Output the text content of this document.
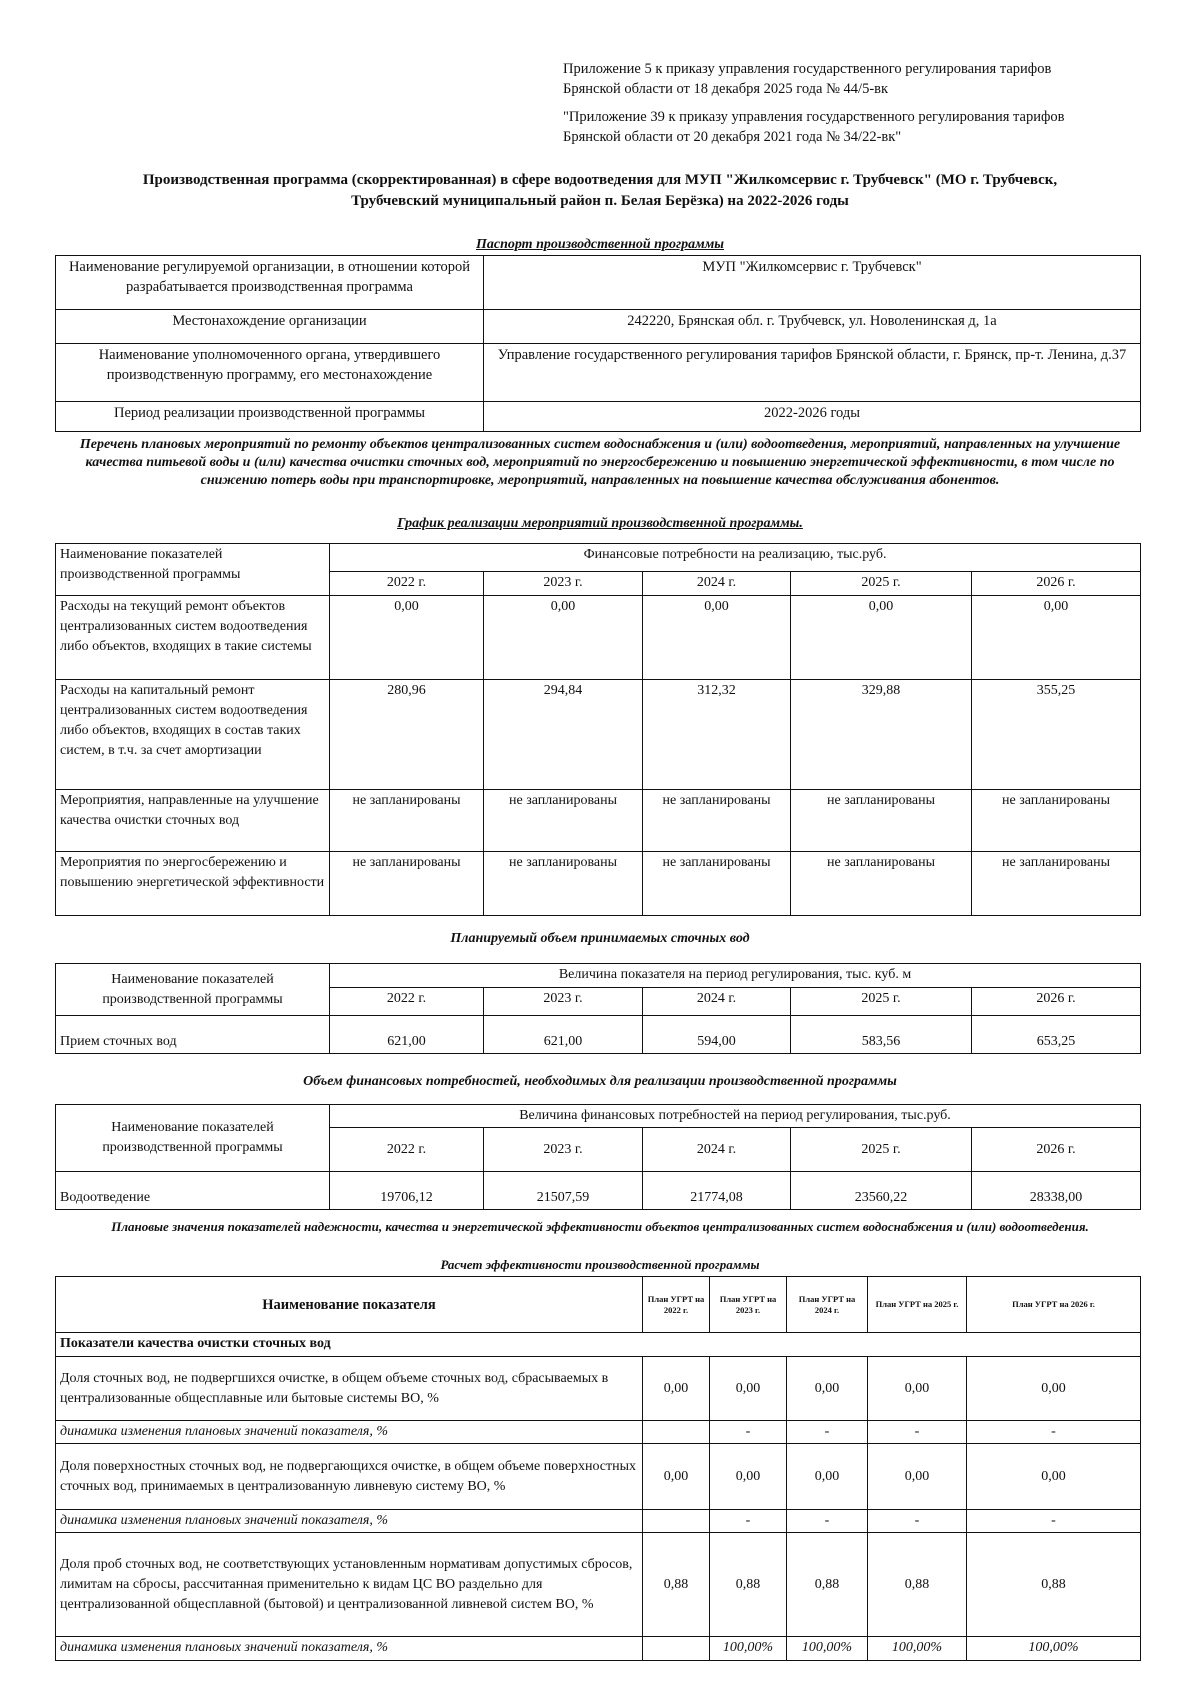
Приложение 5 к приказу управления государственного регулирования тарифов
Брянской области от 18 декабря 2025 года № 44/5-вк
"Приложение 39 к приказу управления государственного регулирования тарифов
Брянской области от 20 декабря 2021 года № 34/22-вк"
Производственная программа (скорректированная) в сфере водоотведения для МУП "Жилкомсервис г. Трубчевск" (МО г. Трубчевск,
Трубчевский муниципальный район п. Белая Берёзка) на 2022-2026 годы
Паспорт производственной программы
Наименование регулируемой организации, в отношении которой разрабатывается производственная программа	МУП "Жилкомсервис г. Трубчевск"
Местонахождение организации	242220, Брянская обл. г. Трубчевск, ул. Новоленинская д, 1а
Наименование уполномоченного органа, утвердившего производственную программу, его местонахождение	Управление государственного регулирования тарифов Брянской области, г. Брянск, пр-т. Ленина, д.37
Период реализации производственной программы	2022-2026 годы
Перечень плановых мероприятий по ремонту объектов централизованных систем водоснабжения и (или) водоотведения, мероприятий, направленных на улучшение качества питьевой воды и (или) качества очистки сточных вод, мероприятий по энергосбережению и повышению энергетической эффективности, в том числе по снижению потерь воды при транспортировке, мероприятий, направленных на повышение качества обслуживания абонентов.
График реализации мероприятий производственной программы.
Наименование показателей производственной программы	Финансовые потребности на реализацию, тыс.руб.				
	2022 г.	2023 г.	2024 г.	2025 г.	2026 г.
Расходы на текущий ремонт объектов централизованных систем водоотведения либо объектов, входящих в такие системы	0,00	0,00	0,00	0,00	0,00
Расходы на капитальный ремонт централизованных систем водоотведения либо объектов, входящих в состав таких систем, в т.ч. за счет амортизации	280,96	294,84	312,32	329,88	355,25
Мероприятия, направленные на улучшение качества очистки сточных вод	не запланированы	не запланированы	не запланированы	не запланированы	не запланированы
Мероприятия по энергосбережению и повышению энергетической эффективности	не запланированы	не запланированы	не запланированы	не запланированы	не запланированы
Планируемый объем принимаемых сточных вод
Наименование показателей производственной программы	Величина показателя на период регулирования, тыс. куб. м				
	2022 г.	2023 г.	2024 г.	2025 г.	2026 г.
Прием сточных вод	621,00	621,00	594,00	583,56	653,25
Объем финансовых потребностей, необходимых для реализации производственной программы
Наименование показателей производственной программы	Величина финансовых потребностей на период регулирования, тыс.руб.				
	2022 г.	2023 г.	2024 г.	2025 г.	2026 г.
Водоотведение	19706,12	21507,59	21774,08	23560,22	28338,00
Плановые значения показателей надежности, качества и энергетической эффективности объектов централизованных систем водоснабжения и (или) водоотведения.
Расчет эффективности производственной программы
Наименование показателя	План УГРТ на 2022 г.	План УГРТ на 2023 г.	План УГРТ на 2024 г.	План УГРТ на 2025 г.	План УГРТ на 2026 г.
Показатели качества очистки сточных вод					
Доля сточных вод, не подвергшихся очистке, в общем объеме сточных вод, сбрасываемых в централизованные общесплавные или бытовые системы ВО, %	0,00	0,00	0,00	0,00	0,00
динамика изменения плановых значений показателя, %		-	-	-	-
Доля поверхностных сточных вод, не подвергающихся очистке, в общем объеме поверхностных сточных вод, принимаемых в централизованную ливневую систему ВО, %	0,00	0,00	0,00	0,00	0,00
динамика изменения плановых значений показателя, %		-	-	-	-
Доля проб сточных вод, не соответствующих установленным нормативам допустимых сбросов, лимитам на сбросы, рассчитанная применительно к видам ЦС ВО раздельно для централизованной общесплавной (бытовой) и централизованной ливневой систем ВО, %	0,88	0,88	0,88	0,88	0,88
динамика изменения плановых значений показателя, %		100,00%	100,00%	100,00%	100,00%
